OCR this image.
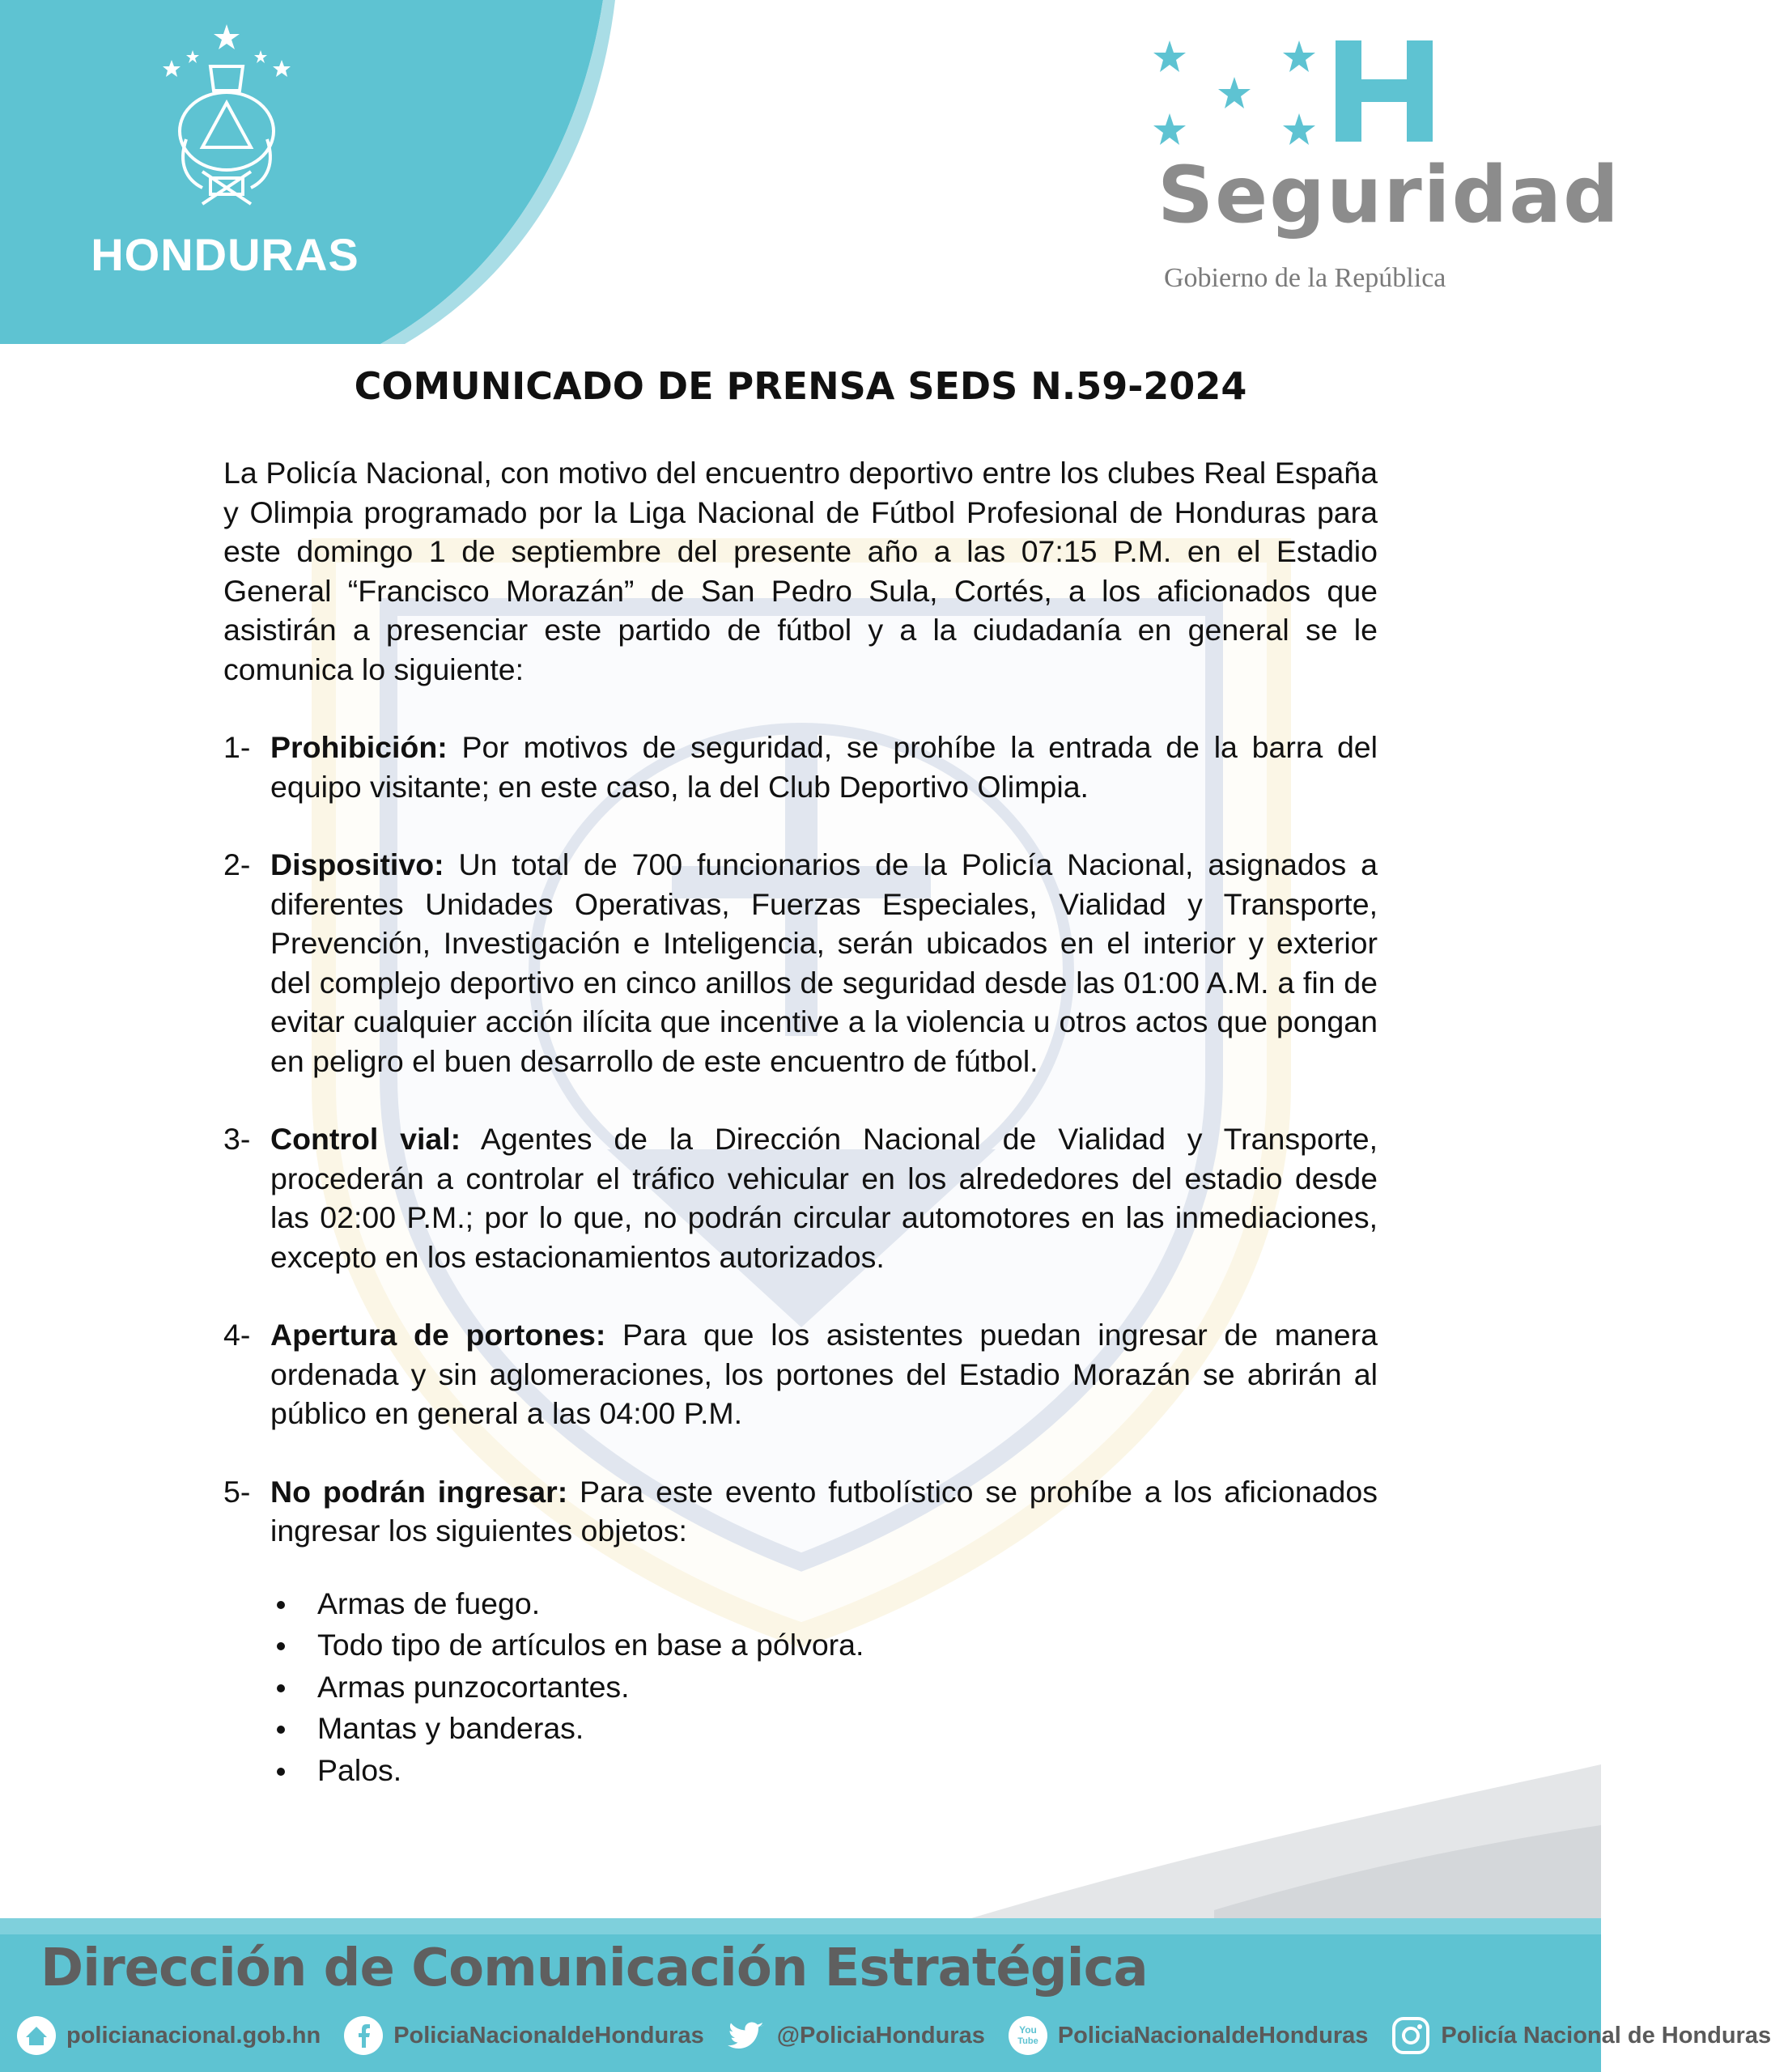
HONDURAS
Seguridad
Gobierno de la República
COMUNICADO DE PRENSA SEDS N.59-2024

La Policía Nacional, con motivo del encuentro deportivo entre los clubes Real España y Olimpia programado por la Liga Nacional de Fútbol Profesional de Honduras para este domingo 1 de septiembre del presente año a las 07:15 P.M. en el Estadio General “Francisco Morazán” de San Pedro Sula, Cortés, a los aficionados que asistirán a presenciar este partido de fútbol y a la ciudadanía en general se le comunica lo siguiente:

1- Prohibición: Por motivos de seguridad, se prohíbe la entrada de la barra del equipo visitante; en este caso, la del Club Deportivo Olimpia.
2- Dispositivo: Un total de 700 funcionarios de la Policía Nacional, asignados a diferentes Unidades Operativas, Fuerzas Especiales, Vialidad y Transporte, Prevención, Investigación e Inteligencia, serán ubicados en el interior y exterior del complejo deportivo en cinco anillos de seguridad desde las 01:00 A.M. a fin de evitar cualquier acción ilícita que incentive a la violencia u otros actos que pongan en peligro el buen desarrollo de este encuentro de fútbol.
3- Control vial: Agentes de la Dirección Nacional de Vialidad y Transporte, procederán a controlar el tráfico vehicular en los alrededores del estadio desde las 02:00 P.M.; por lo que, no podrán circular automotores en las inmediaciones, excepto en los estacionamientos autorizados.
4- Apertura de portones: Para que los asistentes puedan ingresar de manera ordenada y sin aglomeraciones, los portones del Estadio Morazán se abrirán al público en general a las 04:00 P.M.
5- No podrán ingresar: Para este evento futbolístico se prohíbe a los aficionados ingresar los siguientes objetos:
Armas de fuego.
Todo tipo de artículos en base a pólvora.
Armas punzocortantes.
Mantas y banderas.
Palos.
Dirección de Comunicación Estratégica
policianacional.gob.hn	PoliciaNacionaldeHonduras	@PoliciaHonduras	You
Tube PoliciaNacionaldeHonduras	Policía Nacional de Honduras
